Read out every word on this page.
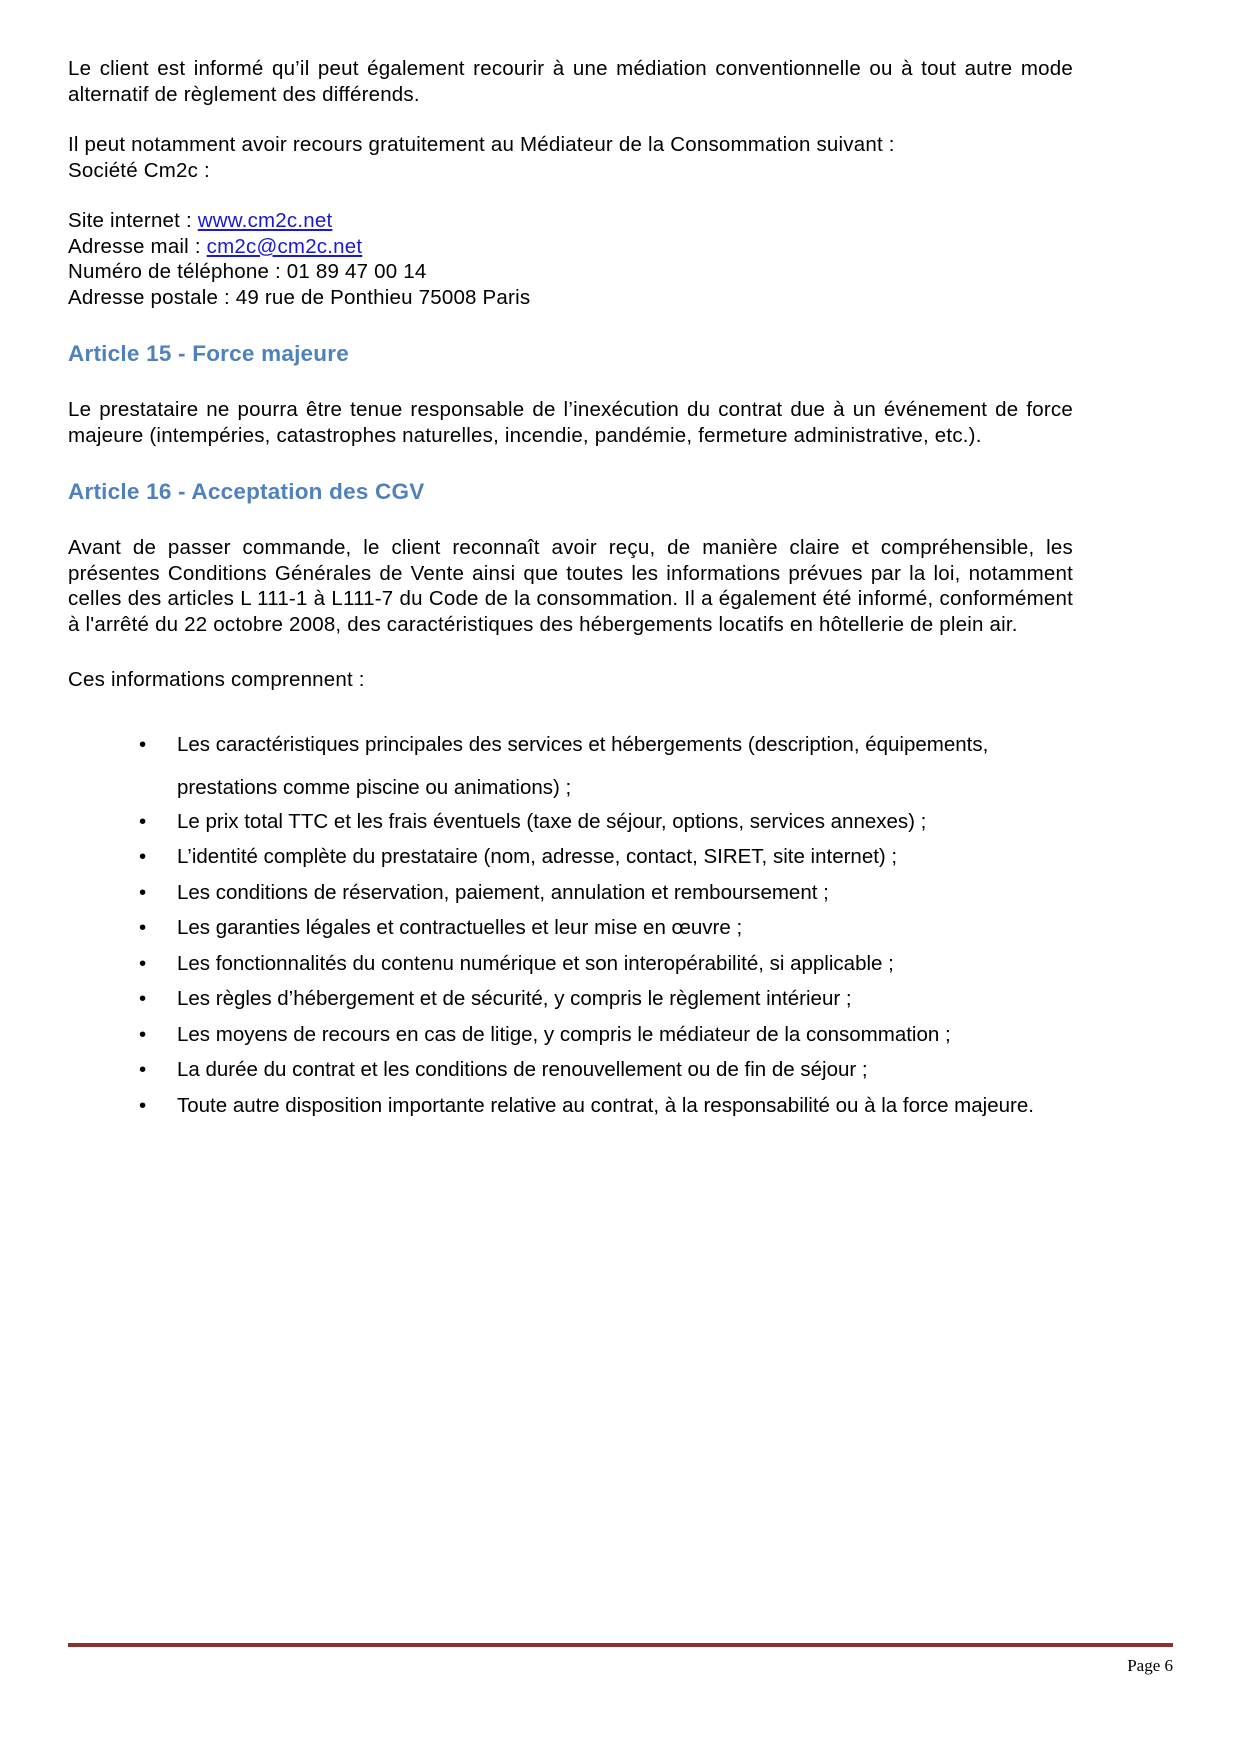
Le client est informé qu’il peut également recourir à une médiation conventionnelle ou à tout autre mode alternatif de règlement des différends.

Il peut notamment avoir recours gratuitement au Médiateur de la Consommation suivant :

Société Cm2c :

Site internet : www.cm2c.net

Adresse mail : cm2c@cm2c.net

Numéro de téléphone : 01 89 47 00 14

Adresse postale : 49 rue de Ponthieu 75008 Paris

Article 15 - Force majeure

Le prestataire ne pourra être tenue responsable de l’inexécution du contrat due à un événement de force majeure (intempéries, catastrophes naturelles, incendie, pandémie, fermeture administrative, etc.).

Article 16 - Acceptation des CGV

Avant de passer commande, le client reconnaît avoir reçu, de manière claire et compréhensible, les présentes Conditions Générales de Vente ainsi que toutes les informations prévues par la loi, notamment celles des articles L 111-1 à L111-7 du Code de la consommation. Il a également été informé, conformément à l'arrêté du 22 octobre 2008, des caractéristiques des hébergements locatifs en hôtellerie de plein air.

Ces informations comprennent :

• Les caractéristiques principales des services et hébergements (description, équipements, prestations comme piscine ou animations) ;
• Le prix total TTC et les frais éventuels (taxe de séjour, options, services annexes) ;
• L’identité complète du prestataire (nom, adresse, contact, SIRET, site internet) ;
• Les conditions de réservation, paiement, annulation et remboursement ;
• Les garanties légales et contractuelles et leur mise en œuvre ;
• Les fonctionnalités du contenu numérique et son interopérabilité, si applicable ;
• Les règles d’hébergement et de sécurité, y compris le règlement intérieur ;
• Les moyens de recours en cas de litige, y compris le médiateur de la consommation ;
• La durée du contrat et les conditions de renouvellement ou de fin de séjour ;
• Toute autre disposition importante relative au contrat, à la responsabilité ou à la force majeure.
Page 6
